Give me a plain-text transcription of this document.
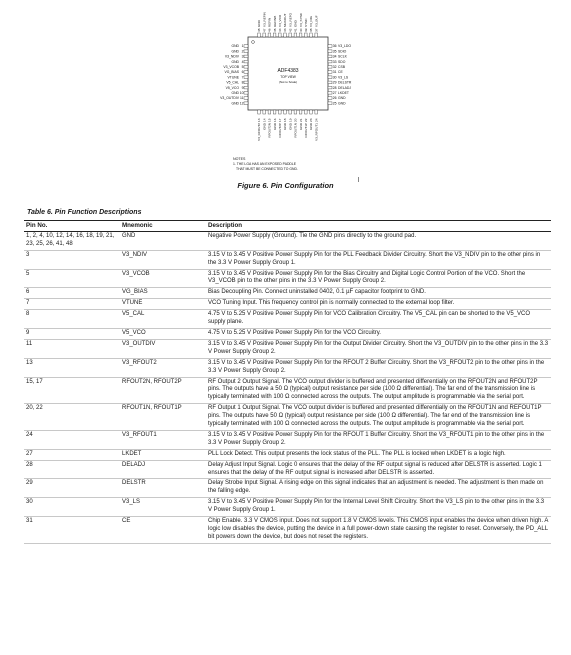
GND 1
GND 2
V3_NDIV 3
GND 4
V3_VCOB 5
VG_BIAS 6
VTUNE 7
V5_CAL 8
V5_VCO 9
GND 10
V3_OUTDIV 11
GND 12
36 V3_LDO
35 SDIO
34 SCLK
33 SDO
32 CSB
31 CE
30 V3_LS
29 DELSTR
28 DELADJ
27 LKDET
26 GND
25 GND
48
GND
47
V3_REFIN
46
REFIN
45
REFINB
44
V3_VCO
43
MUXOUT
42
V3_REFO
41
GND
40
V3_SYNC
39
SYNC
38
V3_DIG
37
V3_BUF
13
V3_RFOUT2
14
GND
15
RFOUT2N
16
GND
17
RFOUT2P
18
GND
19
GND
20
RFOUT1N
21
GND
22
RFOUT1P
23
GND
24
V3_RFOUT1
ADF4383
TOP VIEW
(Not to Scale)
NOTES
1. THE LGA HAS AN EXPOSED PADDLE
THAT MUST BE CONNECTED TO GND.
Figure 6. Pin Configuration
Table 6. Pin Function Descriptions
Pin No.	Mnemonic	Description
1, 2, 4, 10, 12, 14, 16, 18, 19, 21, 23, 25, 26, 41, 48	GND	Negative Power Supply (Ground). Tie the GND pins directly to the ground pad.
3	V3_NDIV	3.15 V to 3.45 V Positive Power Supply Pin for the PLL Feedback Divider Circuitry. Short the V3_NDIV pin to the other pins in the 3.3 V Power Supply Group 1.
5	V3_VCOB	3.15 V to 3.45 V Positive Power Supply Pin for the Bias Circuitry and Digital Logic Control Portion of the VCO. Short the V3_VCOB pin to the other pins in the 3.3 V Power Supply Group 2.
6	VG_BIAS	Bias Decoupling Pin. Connect uninstalled 0402, 0.1 µF capacitor footprint to GND.
7	VTUNE	VCO Tuning Input. This frequency control pin is normally connected to the external loop filter.
8	V5_CAL	4.75 V to 5.25 V Positive Power Supply Pin for VCO Calibration Circuitry. The V5_CAL pin can be shorted to the V5_VCO supply plane.
9	V5_VCO	4.75 V to 5.25 V Positive Power Supply Pin for the VCO Circuitry.
11	V3_OUTDIV	3.15 V to 3.45 V Positive Power Supply Pin for the Output Divider Circuitry. Short the V3_OUTDIV pin to the other pins in the 3.3 V Power Supply Group 2.
13	V3_RFOUT2	3.15 V to 3.45 V Positive Power Supply Pin for the RFOUT 2 Buffer Circuitry. Short the V3_RFOUT2 pin to the other pins in the 3.3 V Power Supply Group 2.
15, 17	RFOUT2N, RFOUT2P	RF Output 2 Output Signal. The VCO output divider is buffered and presented differentially on the RFOUT2N and RFOUT2P pins. The outputs have a 50 Ω (typical) output resistance per side (100 Ω differential). The far end of the transmission line is typically terminated with 100 Ω connected across the outputs. The output amplitude is programmable via the serial port.
20, 22	RFOUT1N, RFOUT1P	RF Output 1 Output Signal. The VCO output divider is buffered and presented differentially on the RFOUT1N and REFOUT1P pins. The outputs have 50 Ω (typical) output resistance per side (100 Ω differential). The far end of the transmission line is typically terminated with 100 Ω connected across the outputs. The output amplitude is programmable via the serial port.
24	V3_RFOUT1	3.15 V to 3.45 V Positive Power Supply Pin for the RFOUT 1 Buffer Circuitry. Short the V3_RFOUT1 pin to the other pins in the 3.3 V Power Supply Group 2.
27	LKDET	PLL Lock Detect. This output presents the lock status of the PLL. The PLL is locked when LKDET is a logic high.
28	DELADJ	Delay Adjust Input Signal. Logic 0 ensures that the delay of the RF output signal is reduced after DELSTR is asserted. Logic 1 ensures that the delay of the RF output signal is increased after DELSTR is asserted.
29	DELSTR	Delay Strobe Input Signal. A rising edge on this signal indicates that an adjustment is needed. The adjustment is then made on the falling edge.
30	V3_LS	3.15 V to 3.45 V Positive Power Supply Pin for the Internal Level Shift Circuitry. Short the V3_LS pin to the other pins in the 3.3 V Power Supply Group 1.
31	CE	Chip Enable. 3.3 V CMOS input. Does not support 1.8 V CMOS levels. This CMOS input enables the device when driven high. A logic low disables the device, putting the device in a full power-down state causing the register to reset. Conversely, the PD_ALL bit powers down the device, but does not reset the registers.
